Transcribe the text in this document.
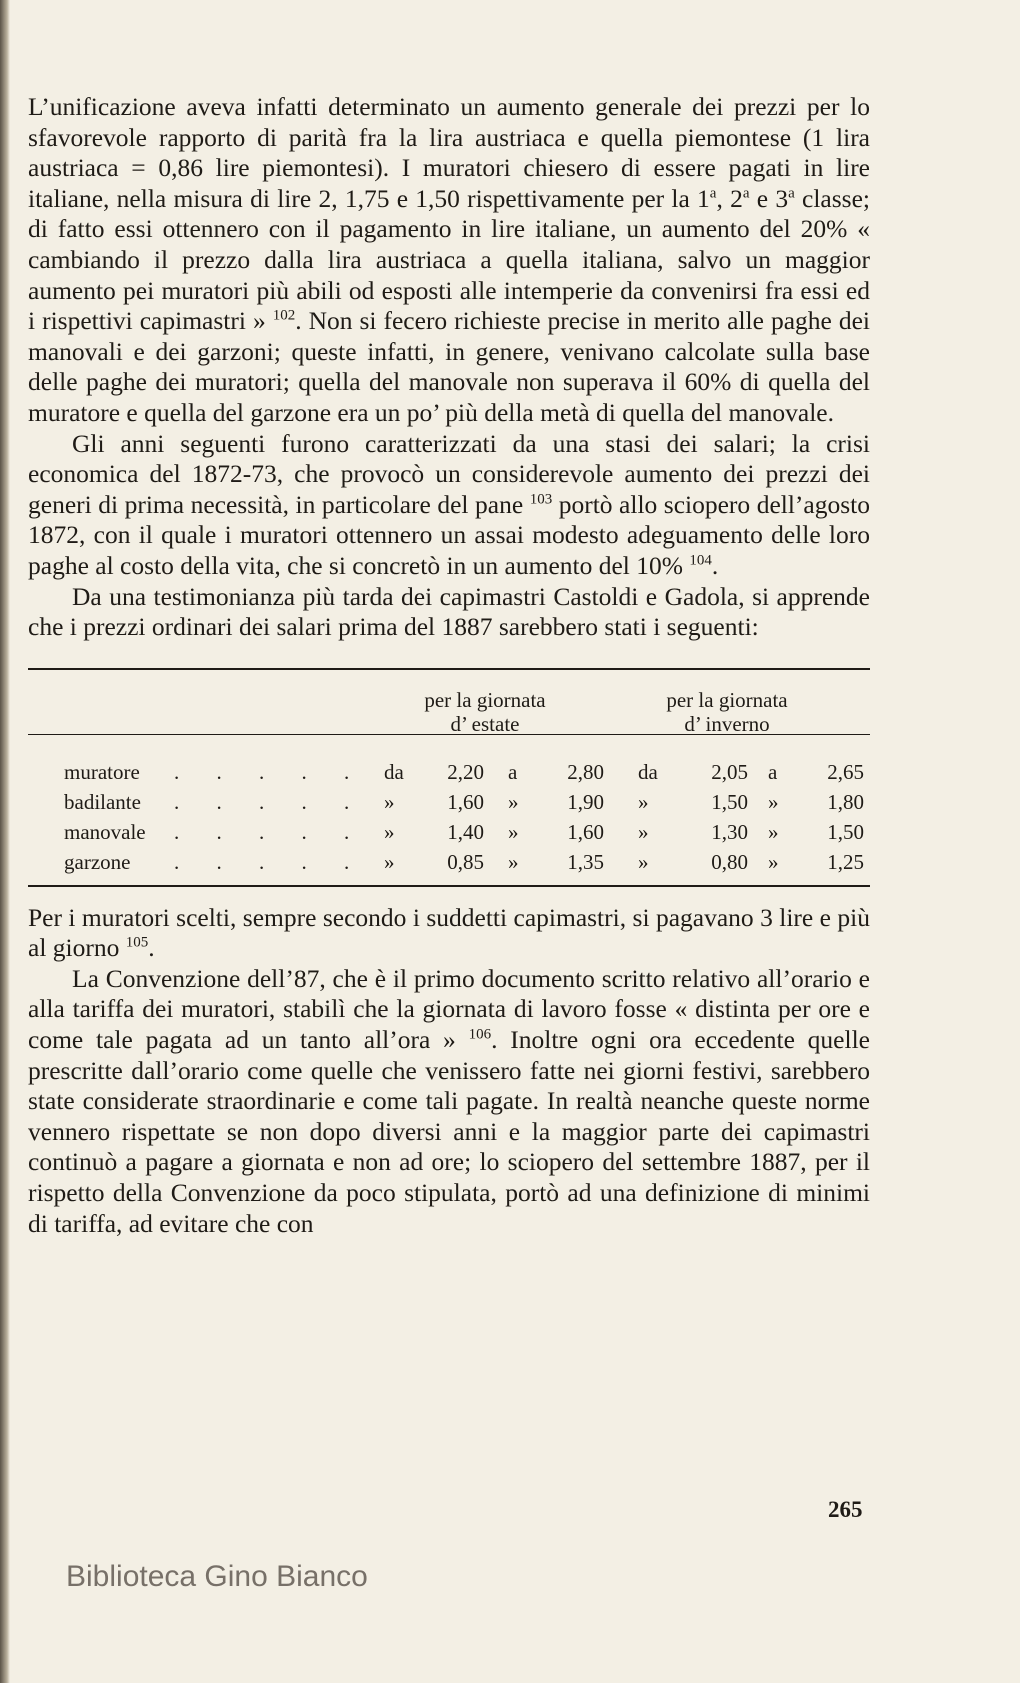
L’unificazione aveva infatti determinato un aumento generale dei prezzi per lo sfavorevole rapporto di parità fra la lira austriaca e quella piemontese (1 lira austriaca = 0,86 lire piemontesi). I muratori chiesero di essere pagati in lire italiane, nella misura di lire 2, 1,75 e 1,50 rispettivamente per la 1$^a$, 2$^a$ e 3$^a$ classe; di fatto essi ottennero con il pagamento in lire italiane, un aumento del 20% « cambiando il prezzo dalla lira austriaca a quella italiana, salvo un maggior aumento pei muratori più abili od esposti alle intemperie da convenirsi fra essi ed i rispettivi capimastri » $^{102}$. Non si fecero richieste precise in merito alle paghe dei manovali e dei garzoni; queste infatti, in genere, venivano calcolate sulla base delle paghe dei muratori; quella del manovale non superava il 60% di quella del muratore e quella del garzone era un po’ più della metà di quella del manovale.

Gli anni seguenti furono caratterizzati da una stasi dei salari; la crisi economica del 1872-73, che provocò un considerevole aumento dei prezzi dei generi di prima necessità, in particolare del pane $^{103}$ portò allo sciopero dell’agosto 1872, con il quale i muratori ottennero un assai modesto adeguamento delle loro paghe al costo della vita, che si concretò in un aumento del 10% $^{104}$.

Da una testimonianza più tarda dei capimastri Castoldi e Gadola, si apprende che i prezzi ordinari dei salari prima del 1887 sarebbero stati i seguenti:

per la giornata
d’ estate
per la giornata
d’ inverno
muratore . . . . . da	2,20 a	2,80 da	2,05 a	2,65
badilante . . . . . »	1,60 »	1,90 »	1,50 »	1,80
manovale . . . . . »	1,40 »	1,60 »	1,30 »	1,50
garzone . . . . . »	0,85 »	1,35 »	0,80 »	1,25

Per i muratori scelti, sempre secondo i suddetti capimastri, si pagavano 3 lire e più al giorno $^{105}$.

La Convenzione dell’87, che è il primo documento scritto relativo all’orario e alla tariffa dei muratori, stabilì che la giornata di lavoro fosse « distinta per ore e come tale pagata ad un tanto all’ora » $^{106}$. Inoltre ogni ora eccedente quelle prescritte dall’orario come quelle che venissero fatte nei giorni festivi, sarebbero state considerate straordinarie e come tali pagate. In realtà neanche queste norme vennero rispettate se non dopo diversi anni e la maggior parte dei capimastri continuò a pagare a giornata e non ad ore; lo sciopero del settembre 1887, per il rispetto della Convenzione da poco stipulata, portò ad una definizione di minimi di tariffa, ad evitare che con

265
Biblioteca Gino Bianco
